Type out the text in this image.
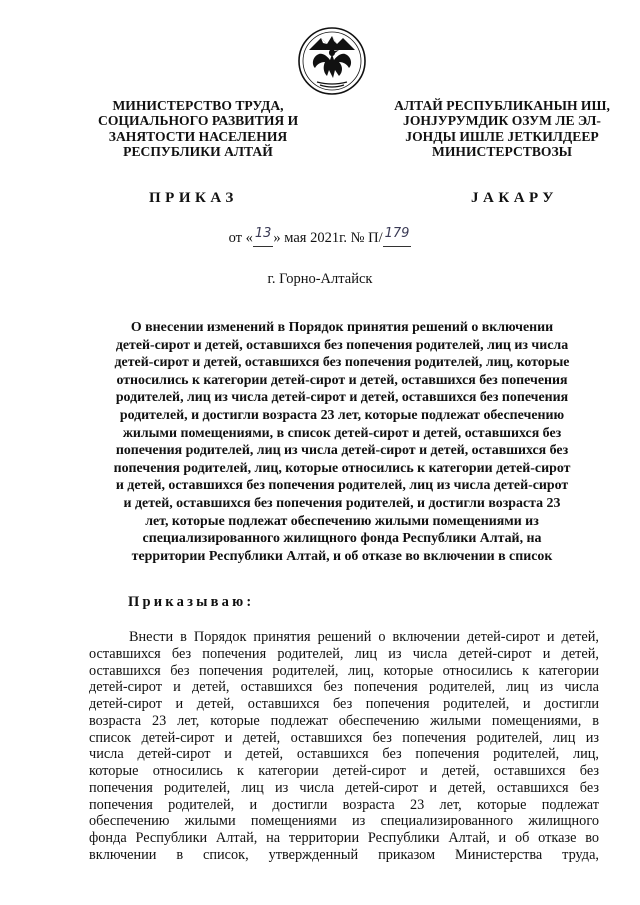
МИНИСТЕРСТВО ТРУДА,
СОЦИАЛЬНОГО РАЗВИТИЯ И
ЗАНЯТОСТИ НАСЕЛЕНИЯ
РЕСПУБЛИКИ АЛТАЙ
АЛТАЙ РЕСПУБЛИКАНЫН ИШ,
JОНJУРУМДИК ОЗУМ ЛЕ ЭЛ-
JОНДЫ ИШЛЕ JЕТКИЛДЕЕР
МИНИСТЕРСТВОЗЫ
ПРИКАЗ	JАКАРУ
от « 13 » мая 2021г. № П/ 179
г. Горно-Алтайск
О внесении изменений в Порядок принятия решений о включении
детей-сирот и детей, оставшихся без попечения родителей, лиц из числа
детей-сирот и детей, оставшихся без попечения родителей, лиц, которые
относились к категории детей-сирот и детей, оставшихся без попечения
родителей, лиц из числа детей-сирот и детей, оставшихся без попечения
родителей, и достигли возраста 23 лет, которые подлежат обеспечению
жилыми помещениями, в список детей-сирот и детей, оставшихся без
попечения родителей, лиц из числа детей-сирот и детей, оставшихся без
попечения родителей, лиц, которые относились к категории детей-сирот
и детей, оставшихся без попечения родителей, лиц из числа детей-сирот
и детей, оставшихся без попечения родителей, и достигли возраста 23
лет, которые подлежат обеспечению жилыми помещениями из
специализированного жилищного фонда Республики Алтай, на
территории Республики Алтай, и об отказе во включении в список
Приказываю:
Внести в Порядок принятия решений о включении детей-сирот и детей,
оставшихся без попечения родителей, лиц из числа детей-сирот и детей,
оставшихся без попечения родителей, лиц, которые относились к категории
детей-сирот и детей, оставшихся без попечения родителей, лиц из числа
детей-сирот и детей, оставшихся без попечения родителей, и достигли
возраста 23 лет, которые подлежат обеспечению жилыми помещениями, в
список детей-сирот и детей, оставшихся без попечения родителей, лиц из
числа детей-сирот и детей, оставшихся без попечения родителей, лиц,
которые относились к категории детей-сирот и детей, оставшихся без
попечения родителей, лиц из числа детей-сирот и детей, оставшихся без
попечения родителей, и достигли возраста 23 лет, которые подлежат
обеспечению жилыми помещениями из специализированного жилищного
фонда Республики Алтай, на территории Республики Алтай, и об отказе во
включении в список, утвержденный приказом Министерства труда,
